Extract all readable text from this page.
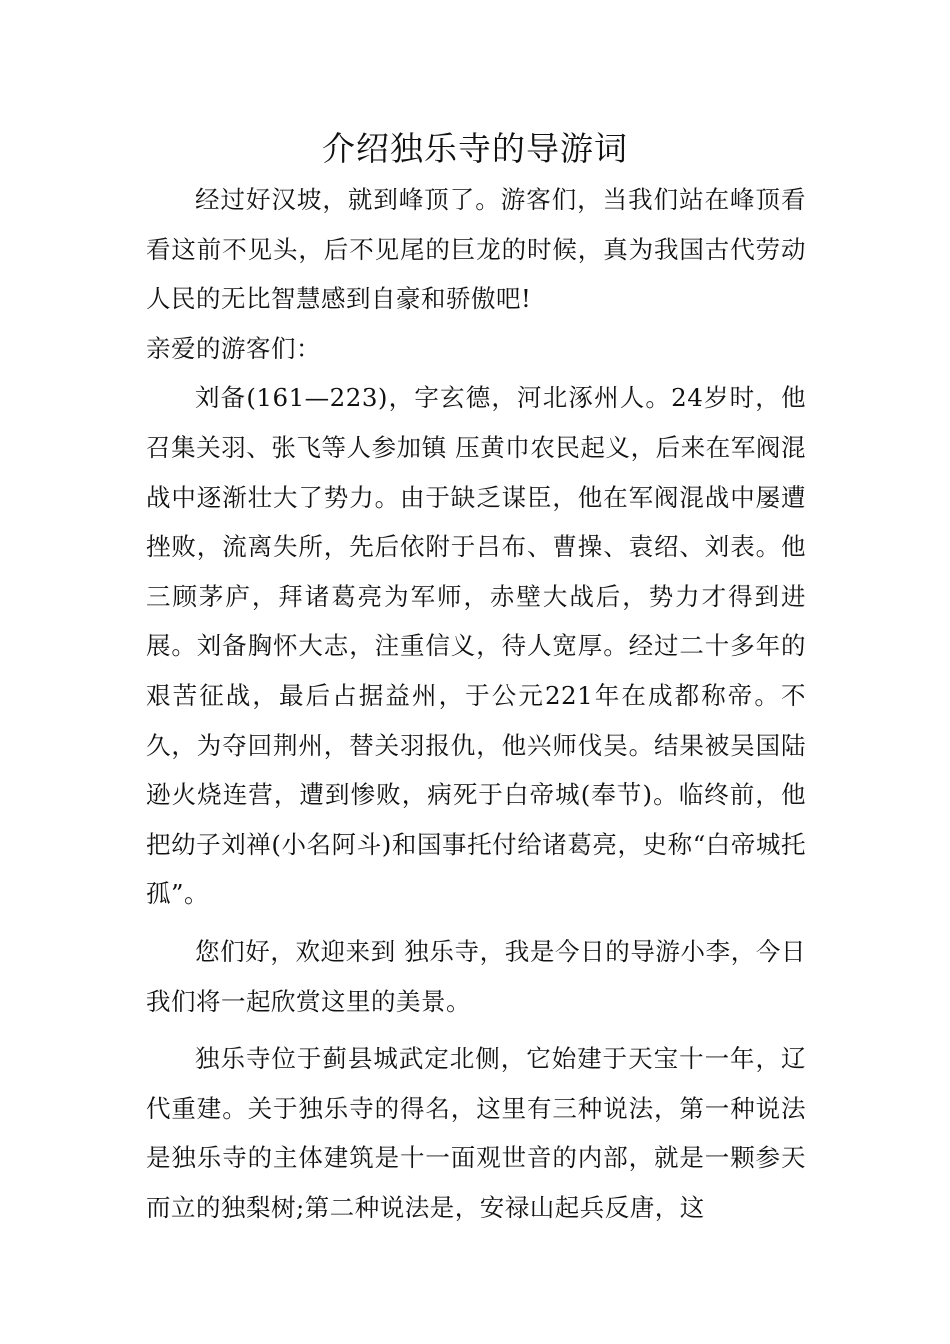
介绍独乐寺的导游词

经过好汉坡，就到峰顶了。游客们，当我们站在峰顶看看这前不见头，后不见尾的巨龙的时候，真为我国古代劳动人民的无比智慧感到自豪和骄傲吧!

亲爱的游客们：

刘备(161—223)，字玄德，河北涿州人。24岁时，他召集关羽、张飞等人参加镇 压黄巾农民起义，后来在军阀混战中逐渐壮大了势力。由于缺乏谋臣，他在军阀混战中屡遭挫败，流离失所，先后依附于吕布、曹操、袁绍、刘表。他三顾茅庐，拜诸葛亮为军师，赤壁大战后，势力才得到进展。刘备胸怀大志，注重信义，待人宽厚。经过二十多年的艰苦征战，最后占据益州，于公元221年在成都称帝。不久，为夺回荆州，替关羽报仇，他兴师伐吴。结果被吴国陆逊火烧连营，遭到惨败，病死于白帝城(奉节)。临终前，他把幼子刘禅(小名阿斗)和国事托付给诸葛亮，史称“白帝城托孤”。

您们好，欢迎来到 独乐寺，我是今日的导游小李，今日我们将一起欣赏这里的美景。

独乐寺位于蓟县城武定北侧，它始建于天宝十一年，辽代重建。关于独乐寺的得名，这里有三种说法，第一种说法是独乐寺的主体建筑是十一面观世音的内部，就是一颗参天而立的独梨树;第二种说法是，安禄山起兵反唐，这
